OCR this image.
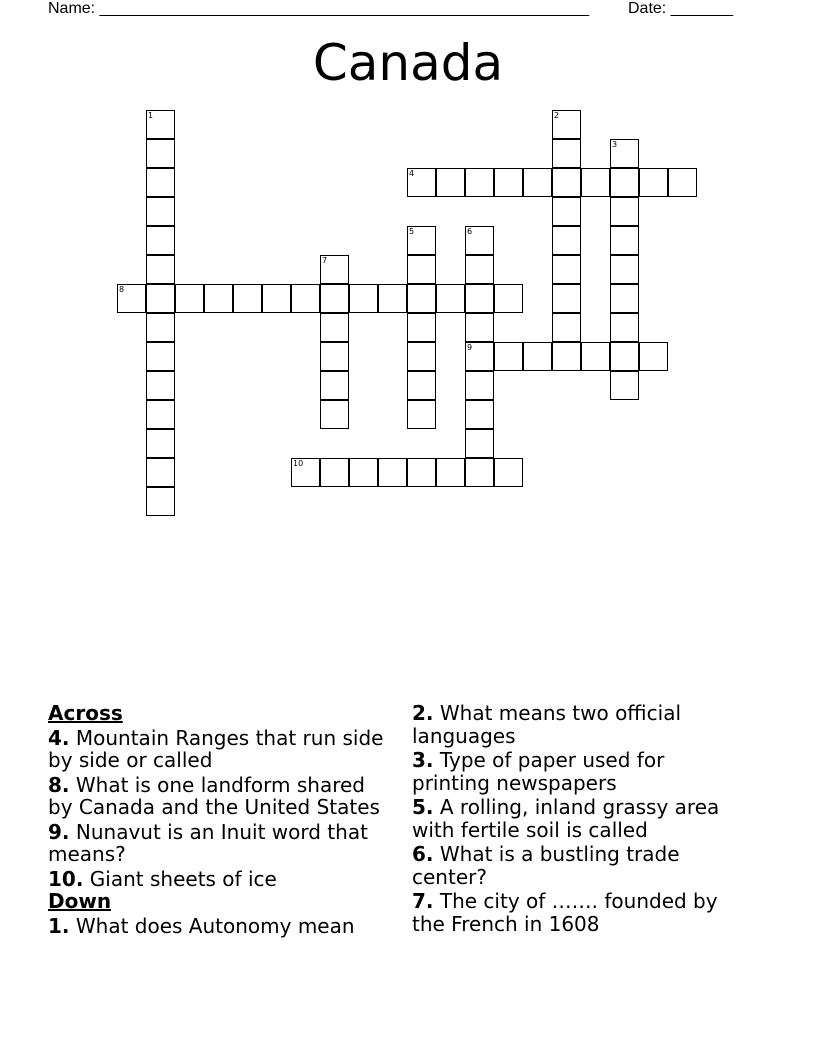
Name: _______________________________________________________ Date: _______
Canada
1	2
3
4
5	6
9
7
8
10
Across
4. Mountain Ranges that run side by side or called
8. What is one landform shared by Canada and the United States
9. Nunavut is an Inuit word that means?
10. Giant sheets of ice
Down
1. What does Autonomy mean
2. What means two official languages
3. Type of paper used for printing newspapers
5. A rolling, inland grassy area with fertile soil is called
6. What is a bustling trade center?
7. The city of ……. founded by the French in 1608
